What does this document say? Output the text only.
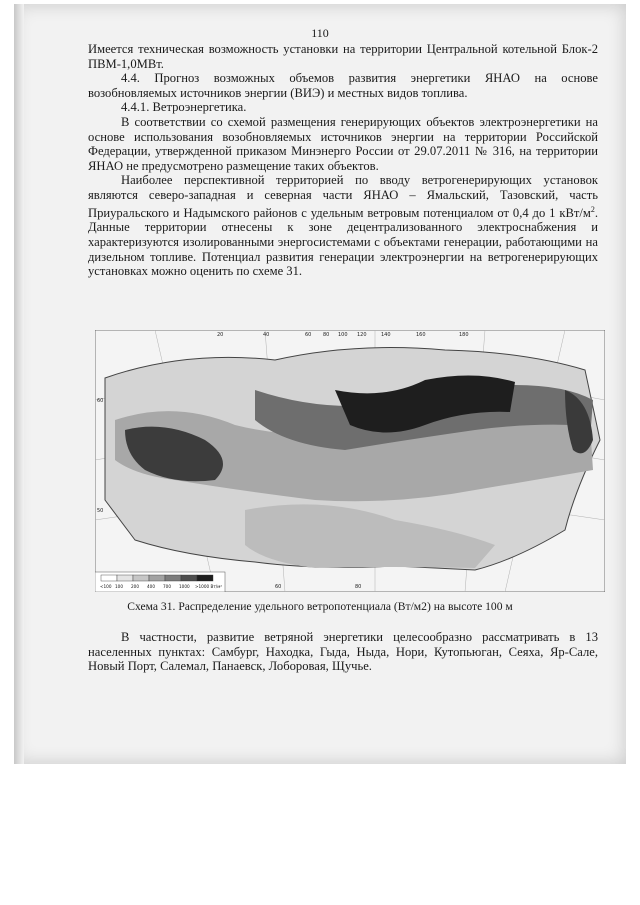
110

Имеется техническая возможность установки на территории Центральной котельной Блок-2 ПВМ-1,0МВт.

4.4. Прогноз возможных объемов развития энергетики ЯНАО на основе возобновляемых источников энергии (ВИЭ) и местных видов топлива.

4.4.1. Ветроэнергетика.

В соответствии со схемой размещения генерирующих объектов электроэнергетики на основе использования возобновляемых источников энергии на территории Российской Федерации, утвержденной приказом Минэнерго России от 29.07.2011 № 316, на территории ЯНАО не предусмотрено размещение таких объектов.

Наиболее перспективной территорией по вводу ветрогенерирующих установок являются северо-западная и северная части ЯНАО – Ямальский, Тазовский, часть Приуральского и Надымского районов с удельным ветровым потенциалом от 0,4 до 1 кВт/$м^2$. Данные территории отнесены к зоне децентрализованного электроснабжения и характеризуются изолированными энергосистемами с объектами генерации, работающими на дизельном топливе. Потенциал развития генерации электроэнергии на ветрогенерирующих установках можно оценить по схеме 31.

20	40	60 80 100 120	140	160	180
60
50
60	80
<100 100 200 400 700 1000 >1000 Вт/м²
Схема 31. Распределение удельного ветропотенциала (Вт/м2) на высоте 100 м

В частности, развитие ветряной энергетики целесообразно рассматривать в 13 населенных пунктах: Самбург, Находка, Гыда, Ныда, Нори, Кутопьюган, Сеяха, Яр-Сале, Новый Порт, Салемал, Панаевск, Лоборовая, Щучье.
